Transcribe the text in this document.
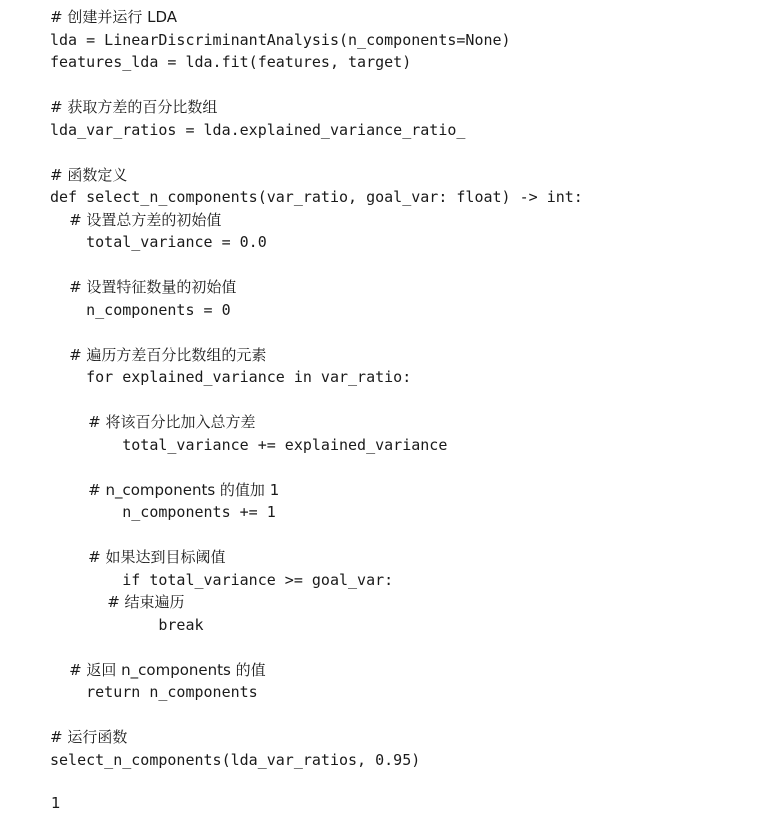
# 创建并运行 LDA
lda = LinearDiscriminantAnalysis(n_components=None)
features_lda = lda.fit(features, target)
# 获取方差的百分比数组
lda_var_ratios = lda.explained_variance_ratio_
# 函数定义
def select_n_components(var_ratio, goal_var: float) -> int:
# 设置总方差的初始值
total_variance = 0.0
# 设置特征数量的初始值
n_components = 0
# 遍历方差百分比数组的元素
for explained_variance in var_ratio:
# 将该百分比加入总方差
total_variance += explained_variance
# n_components 的值加 1
n_components += 1
# 如果达到目标阈值
if total_variance >= goal_var:
# 结束遍历
break
# 返回 n_components 的值
return n_components
# 运行函数
select_n_components(lda_var_ratios, 0.95)
1
